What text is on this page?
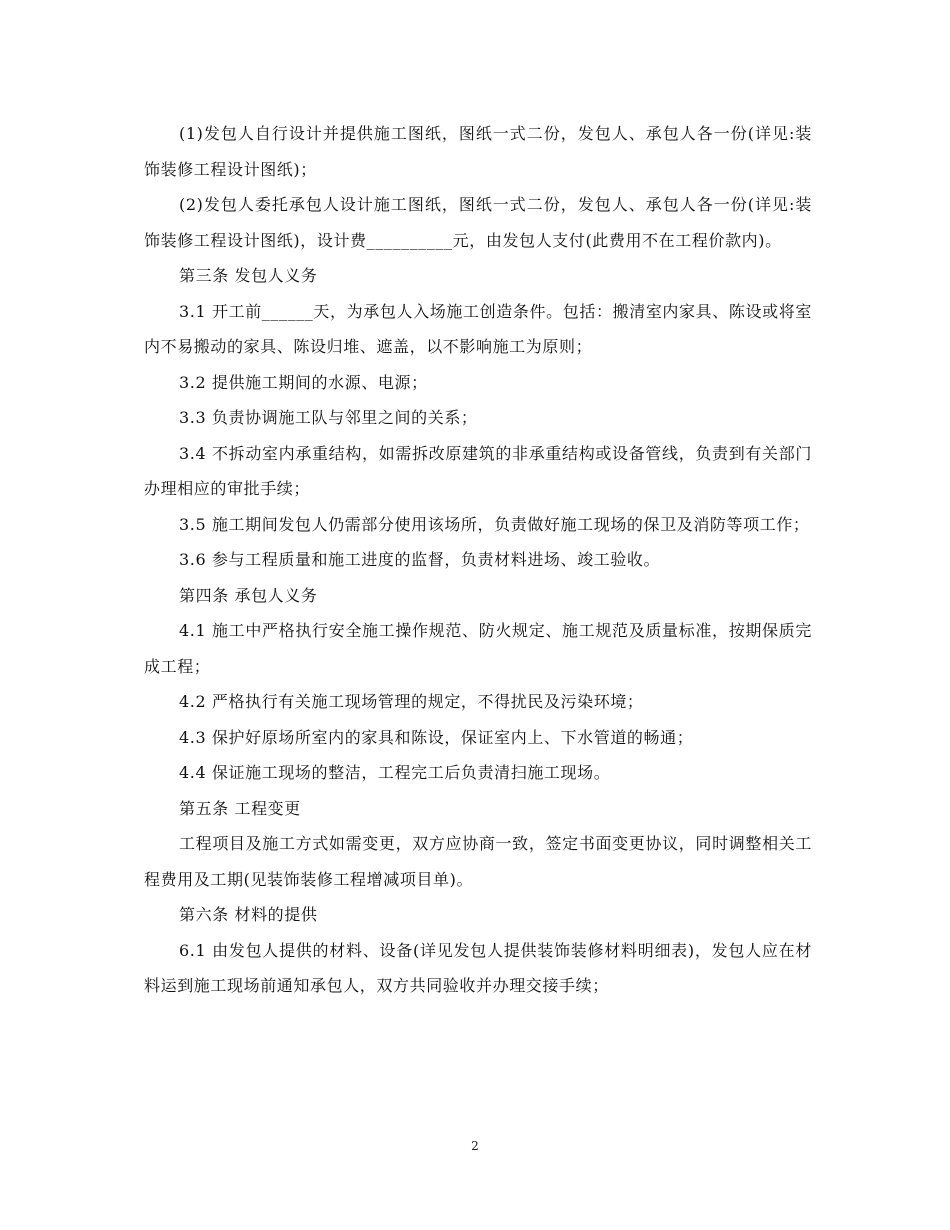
(1)发包人自行设计并提供施工图纸，图纸一式二份，发包人、承包人各一份(详见:装饰装修工程设计图纸)；

(2)发包人委托承包人设计施工图纸，图纸一式二份，发包人、承包人各一份(详见:装饰装修工程设计图纸)，设计费__________元，由发包人支付(此费用不在工程价款内)。

第三条 发包人义务

3.1 开工前______天，为承包人入场施工创造条件。包括：搬清室内家具、陈设或将室内不易搬动的家具、陈设归堆、遮盖，以不影响施工为原则；

3.2 提供施工期间的水源、电源；

3.3 负责协调施工队与邻里之间的关系；

3.4 不拆动室内承重结构，如需拆改原建筑的非承重结构或设备管线，负责到有关部门办理相应的审批手续；

3.5 施工期间发包人仍需部分使用该场所，负责做好施工现场的保卫及消防等项工作；

3.6 参与工程质量和施工进度的监督，负责材料进场、竣工验收。

第四条 承包人义务

4.1 施工中严格执行安全施工操作规范、防火规定、施工规范及质量标准，按期保质完成工程；

4.2 严格执行有关施工现场管理的规定，不得扰民及污染环境；

4.3 保护好原场所室内的家具和陈设，保证室内上、下水管道的畅通；

4.4 保证施工现场的整洁，工程完工后负责清扫施工现场。

第五条 工程变更

工程项目及施工方式如需变更，双方应协商一致，签定书面变更协议，同时调整相关工程费用及工期(见装饰装修工程增减项目单)。

第六条 材料的提供

6.1 由发包人提供的材料、设备(详见发包人提供装饰装修材料明细表)，发包人应在材料运到施工现场前通知承包人，双方共同验收并办理交接手续；

2
